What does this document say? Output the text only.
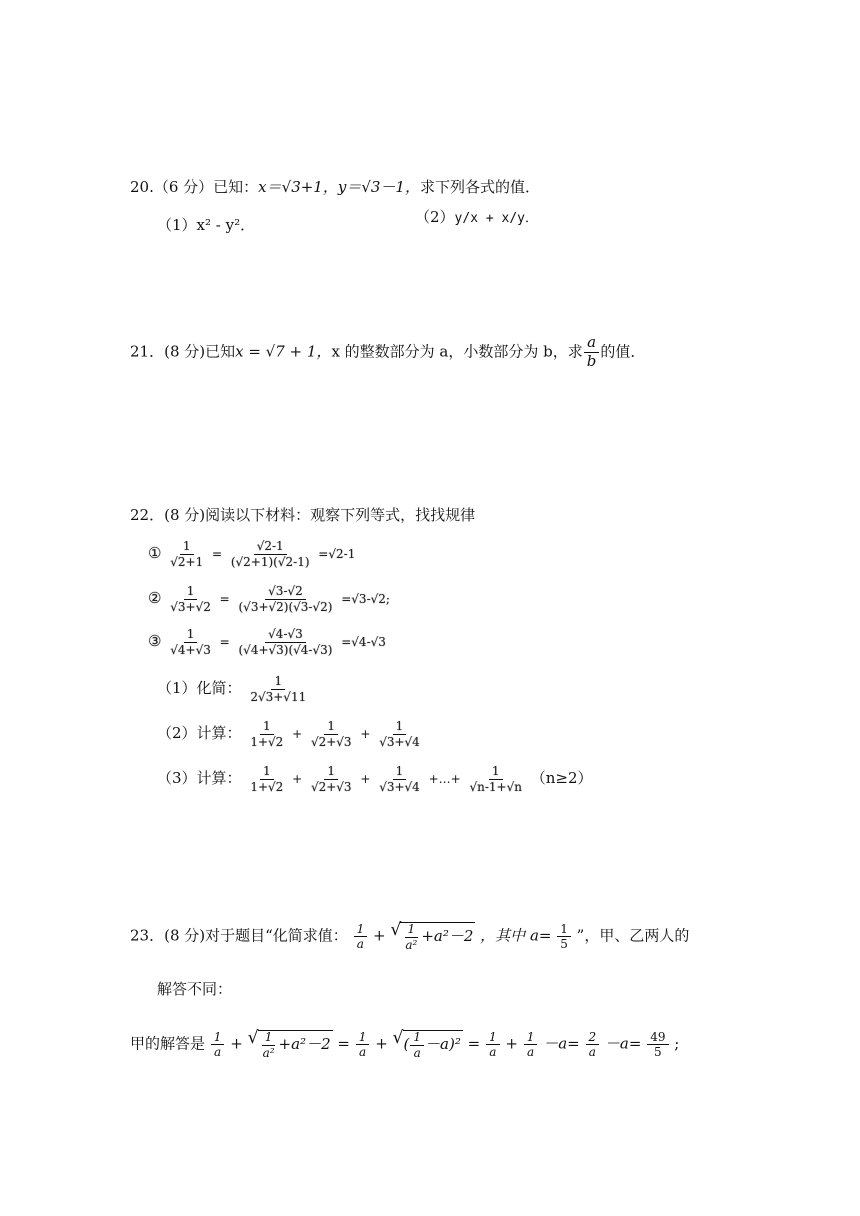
20.（6 分）已知：x＝√3+1，y＝√3－1，求下列各式的值．
（1）x² - y²．	（2）y/x + x/y．
21．(8 分)已知x = √7 + 1，x 的整数部分为 a，小数部分为 b，求 $\frac{a}{b}$ 的值．
22．(8 分)阅读以下材料：观察下列等式，找找规律
① $\frac{1}{√2+1} = \frac{√2-1}{(√2+1)(√2-1)} =√2-1$
② $\frac{1}{√3+√2} = \frac{√3-√2}{(√3+√2)(√3-√2)} =√3-√2$;
③ $\frac{1}{√4+√3} = \frac{√4-√3}{(√4+√3)(√4-√3)} =√4-√3$
（1）化简： $\frac{1}{2√3+√11}$
（2）计算： $\frac{1}{1+√2} + \frac{1}{√2+√3} + \frac{1}{√3+√4}$
（3）计算： $\frac{1}{1+√2} + \frac{1}{√2+√3} + \frac{1}{√3+√4}$ +…+ $\frac{1}{√n-1+√n} (n\ge 2)$
23．(8 分)对于题目“化简求值： $\frac{1}{a}$ + √ $\frac{1}{\text{a²}} +a^2-2$ ，其中 $a= \frac{1}{5}$ ”，甲、乙两人的
解答不同：
甲的解答是 $\frac{1}{a}$ + √ $\frac{1}{\text{a²}} +a^2-2 = \frac{1}{a}$ + √ ( $\frac{1}{a} -a)^2 = \frac{1}{a} + \frac{1}{a} -a= \frac{2}{a} -a= \frac{49}{5}$ ;
